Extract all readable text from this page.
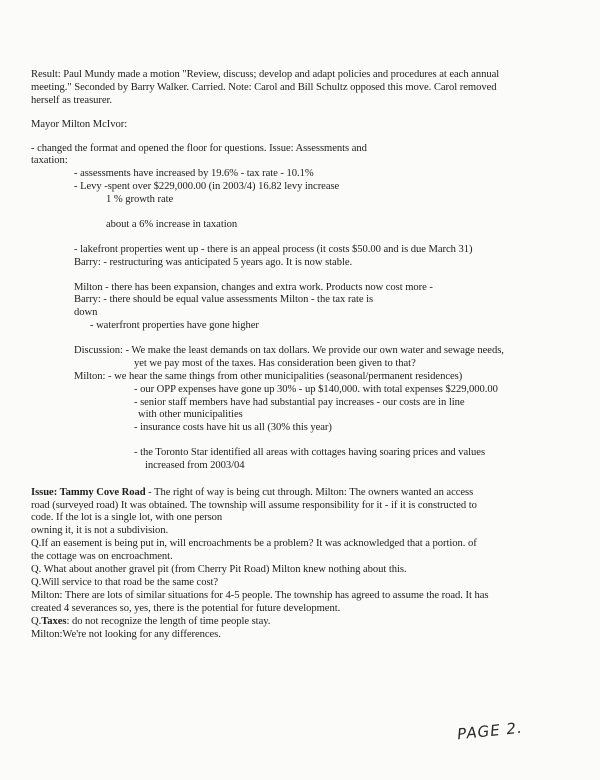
Result: Paul Mundy made a motion "Review, discuss; develop and adapt policies and procedures at each annual
meeting." Seconded by Barry Walker. Carried. Note: Carol and Bill Schultz opposed this move. Carol removed
herself as treasurer.
Mayor Milton McIvor:
- changed the format and opened the floor for questions. Issue: Assessments and
taxation:
- assessments have increased by 19.6% - tax rate - 10.1%
- Levy -spent over $229,000.00 (in 2003/4) 16.82 levy increase
1 % growth rate
about a 6% increase in taxation
- lakefront properties went up - there is an appeal process (it costs $50.00 and is due March 31)
Barry: - restructuring was anticipated 5 years ago. It is now stable.
Milton - there has been expansion, changes and extra work. Products now cost more -
Barry: - there should be equal value assessments Milton - the tax rate is
down
- waterfront properties have gone higher
Discussion: - We make the least demands on tax dollars. We provide our own water and sewage needs,
yet we pay most of the taxes. Has consideration been given to that?
Milton: - we hear the same things from other municipalities (seasonal/permanent residences)
- our OPP expenses have gone up 30% - up $140,000. with total expenses $229,000.00
- senior staff members have had substantial pay increases - our costs are in line
with other municipalities
- insurance costs have hit us all (30% this year)
- the Toronto Star identified all areas with cottages having soaring prices and values
increased from 2003/04
Issue: Tammy Cove Road - The right of way is being cut through. Milton: The owners wanted an access
road (surveyed road) It was obtained. The township will assume responsibility for it - if it is constructed to
code. If the lot is a single lot, with one person
owning it, it is not a subdivision.
Q.If an easement is being put in, will encroachments be a problem? It was acknowledged that a portion. of
the cottage was on encroachment.
Q. What about another gravel pit (from Cherry Pit Road) Milton knew nothing about this.
Q.Will service to that road be the same cost?
Milton: There are lots of similar situations for 4-5 people. The township has agreed to assume the road. It has
created 4 severances so, yes, there is the potential for future development.
Q.Taxes: do not recognize the length of time people stay.
Milton:We're not looking for any differences.
PAGE 2.
